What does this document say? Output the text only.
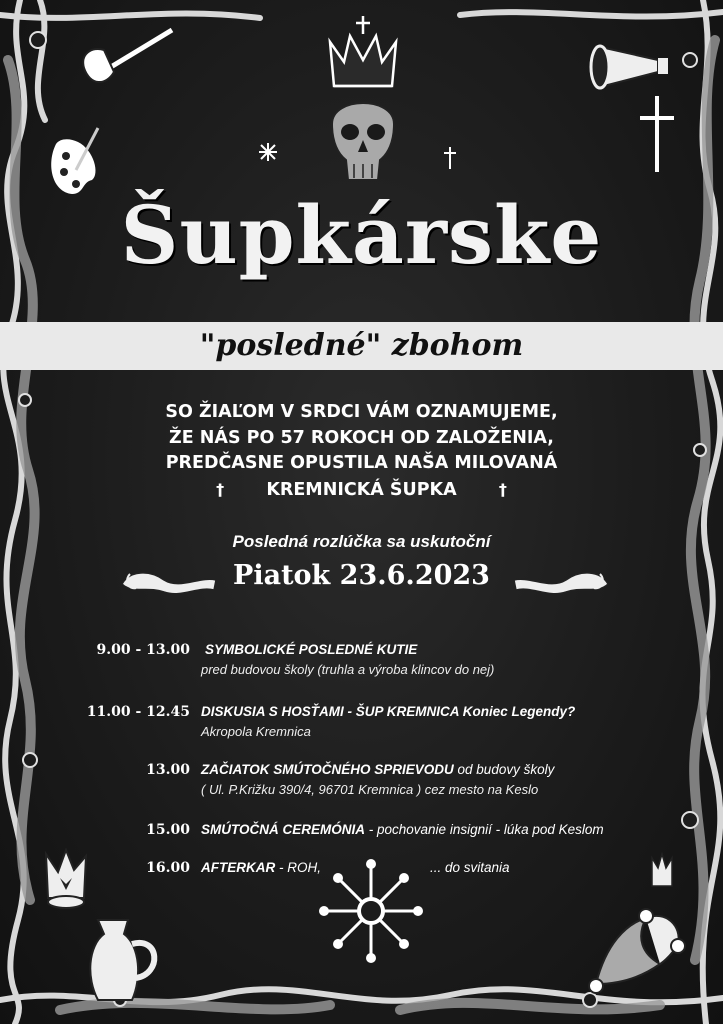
Šupkárske
"posledné" zbohom
SO ŽIAĽOM V SRDCI VÁM OZNAMUJEME,
ŽE NÁS PO 57 ROKOCH OD ZALOŽENIA,
PREDČASNE OPUSTILA NAŠA MILOVANÁ
† KREMNICKÁ ŠUPKA	†
Posledná rozlúčka sa uskutoční
Piatok 23.6.2023
9.00 - 13.00 SYMBOLICKÉ POSLEDNÉ KUTIE
pred budovou školy (truhla a výroba klincov do nej)
11.00 - 12.45 DISKUSIA S HOSŤAMI - ŠUP KREMNICA Koniec Legendy?
Akropola Kremnica
13.00 ZAČIATOK SMÚTOČNÉHO SPRIEVODU od budovy školy
( Ul. P.Križku 390/4, 96701 Kremnica ) cez mesto na Keslo
15.00 SMÚTOČNÁ CEREMÓNIA - pochovanie insignií - lúka pod Keslom
16.00 AFTERKAR - ROH,	... do svitania
